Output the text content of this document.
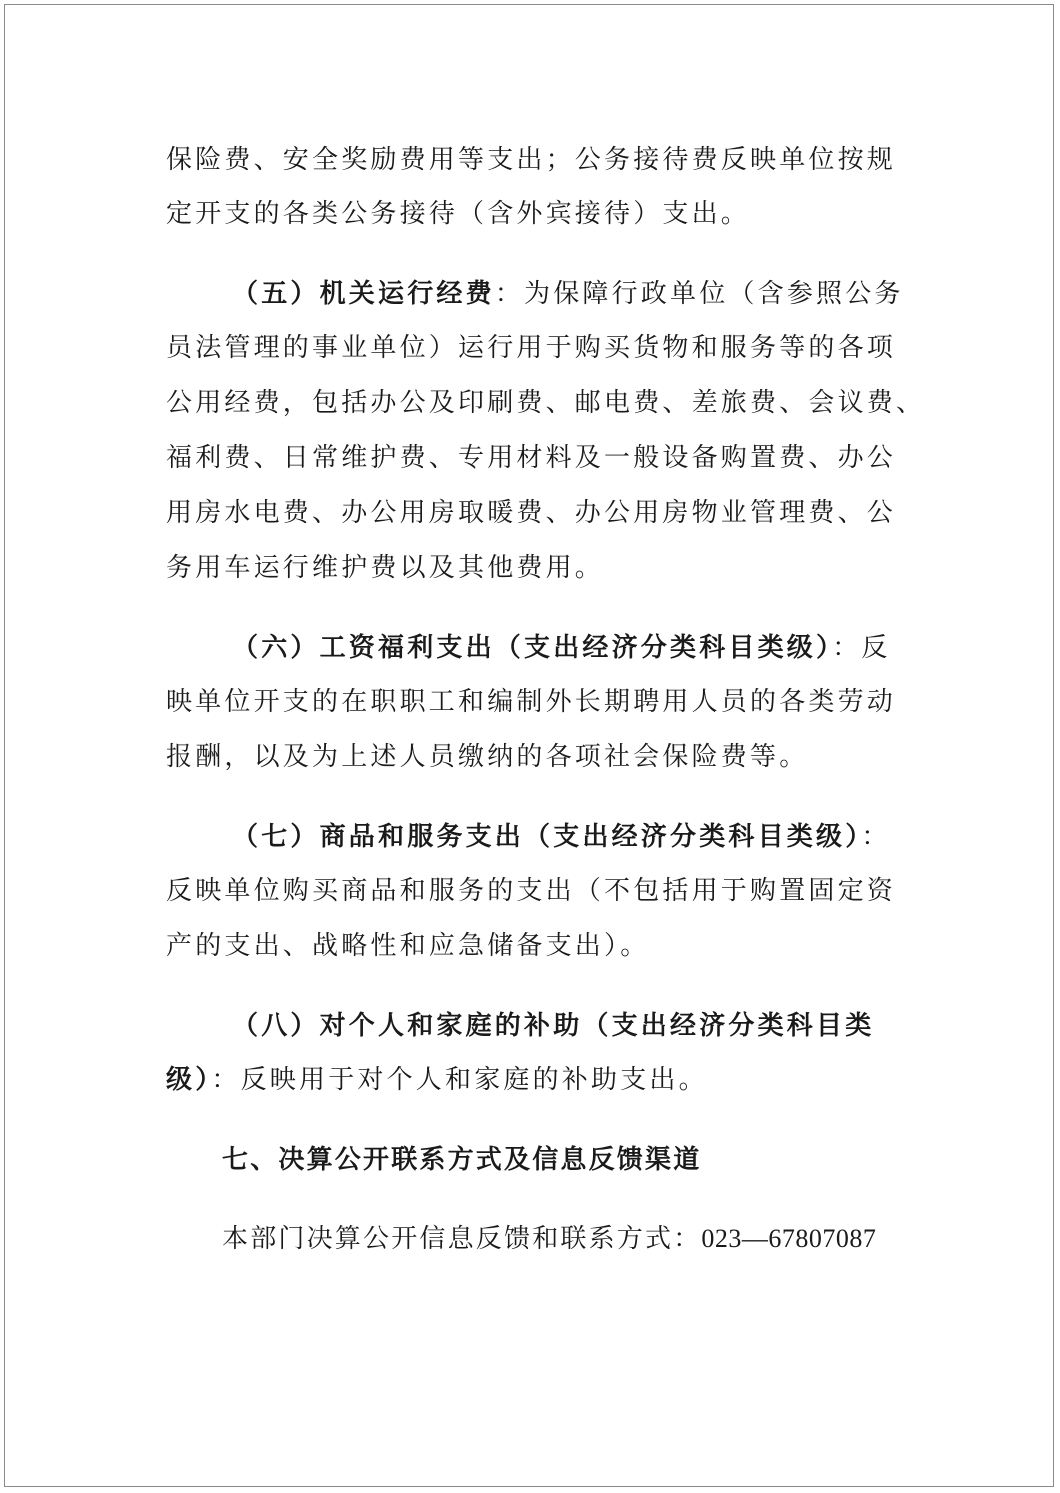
保险费、安全奖励费用等支出；公务接待费反映单位按规
定开支的各类公务接待（含外宾接待）支出。
（五）机关运行经费：为保障行政单位（含参照公务
员法管理的事业单位）运行用于购买货物和服务等的各项
公用经费，包括办公及印刷费、邮电费、差旅费、会议费、
福利费、日常维护费、专用材料及一般设备购置费、办公
用房水电费、办公用房取暖费、办公用房物业管理费、公
务用车运行维护费以及其他费用。
（六）工资福利支出（支出经济分类科目类级）：反
映单位开支的在职职工和编制外长期聘用人员的各类劳动
报酬，以及为上述人员缴纳的各项社会保险费等。
（七）商品和服务支出（支出经济分类科目类级）：
反映单位购买商品和服务的支出（不包括用于购置固定资
产的支出、战略性和应急储备支出）。
（八）对个人和家庭的补助（支出经济分类科目类
级）：反映用于对个人和家庭的补助支出。
七、决算公开联系方式及信息反馈渠道
本部门决算公开信息反馈和联系方式：023—67807087
